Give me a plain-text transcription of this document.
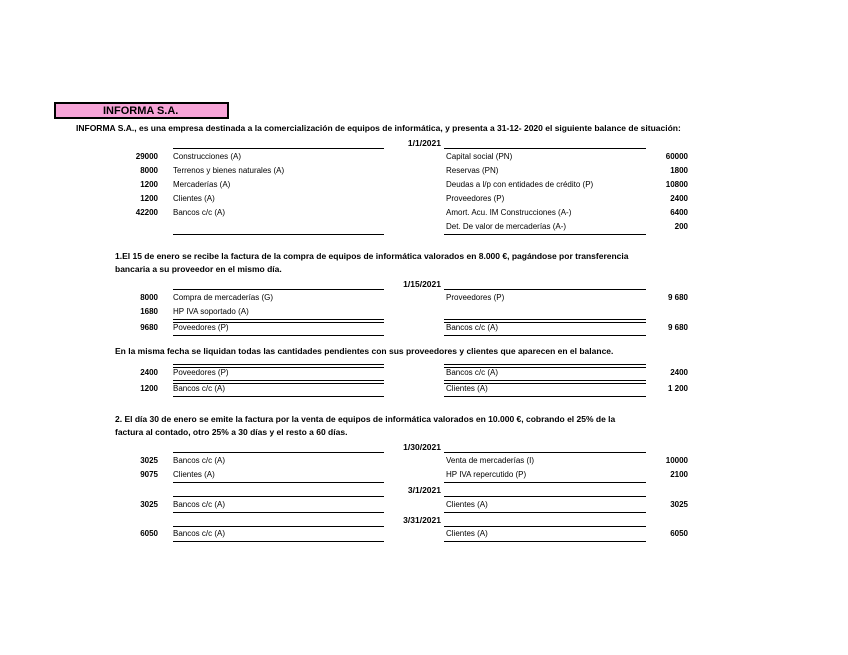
INFORMA S.A.
INFORMA S.A., es una empresa destinada a la comercialización de equipos de informática, y presenta a 31-12- 2020 el siguiente balance de situación:
1/1/2021
29000 Construcciones (A)	Capital social (PN)	60000
8000 Terrenos y bienes naturales (A)	Reservas (PN)	1800
1200 Mercaderías (A)	Deudas a l/p con entidades de crédito (P)	10800
1200 Clientes (A)	Proveedores (P)	2400
42200 Bancos c/c (A)	Amort. Acu. IM Construcciones (A-)	6400
Det. De valor de mercaderías (A-)	200
1.El 15 de enero se recibe la factura de la compra de equipos de informática valorados en 8.000 €, pagándose por transferencia
bancaria a su proveedor en el mismo día.
1/15/2021
8000 Compra de mercaderías (G)	Proveedores (P)	9 680
1680 HP IVA soportado (A)
9680 Poveedores (P)	Bancos c/c (A)	9 680
En la misma fecha se liquidan todas las cantidades pendientes con sus proveedores y clientes que aparecen en el balance.
2400 Poveedores (P)	Bancos c/c (A)	2400
1200 Bancos c/c (A)	Clientes (A)	1 200
2. El día 30 de enero se emite la factura por la venta de equipos de informática valorados en 10.000 €, cobrando el 25% de la
factura al contado, otro 25% a 30 días y el resto a 60 días.
1/30/2021
3025 Bancos c/c (A)	Venta de mercaderías (I)	10000
9075 Clientes (A)	HP IVA repercutido (P)	2100
3/1/2021
3025 Bancos c/c (A)	Clientes (A)	3025
3/31/2021
6050 Bancos c/c (A)	Clientes (A)	6050
